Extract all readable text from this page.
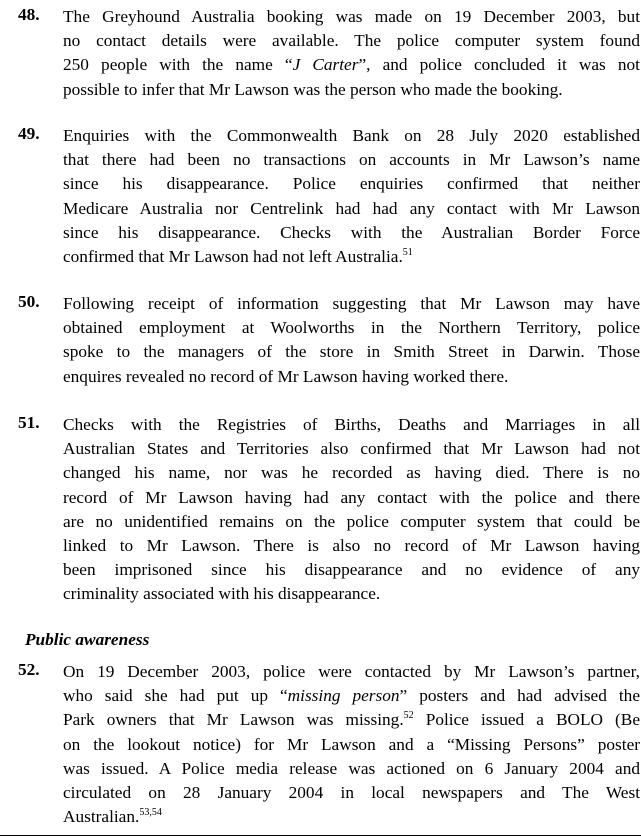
48. The Greyhound Australia booking was made on 19 December 2003, but
no contact details were available. The police computer system found
250 people with the name “J Carter”, and police concluded it was not
possible to infer that Mr Lawson was the person who made the booking.
49. Enquiries with the Commonwealth Bank on 28 July 2020 established
that there had been no transactions on accounts in Mr Lawson’s name
since his disappearance. Police enquiries confirmed that neither
Medicare Australia nor Centrelink had had any contact with Mr Lawson
since his disappearance. Checks with the Australian Border Force
confirmed that Mr Lawson had not left Australia.$^{51}$
50. Following receipt of information suggesting that Mr Lawson may have
obtained employment at Woolworths in the Northern Territory, police
spoke to the managers of the store in Smith Street in Darwin. Those
enquires revealed no record of Mr Lawson having worked there.
51. Checks with the Registries of Births, Deaths and Marriages in all
Australian States and Territories also confirmed that Mr Lawson had not
changed his name, nor was he recorded as having died. There is no
record of Mr Lawson having had any contact with the police and there
are no unidentified remains on the police computer system that could be
linked to Mr Lawson. There is also no record of Mr Lawson having
been imprisoned since his disappearance and no evidence of any
criminality associated with his disappearance.
Public awareness
52. On 19 December 2003, police were contacted by Mr Lawson’s partner,
who said she had put up “missing person” posters and had advised the
Park owners that Mr Lawson was missing.$^{52}$ Police issued a BOLO (Be
on the lookout notice) for Mr Lawson and a “Missing Persons” poster
was issued. A Police media release was actioned on 6 January 2004 and
circulated on 28 January 2004 in local newspapers and The West
Australian.$^{53,54}$
